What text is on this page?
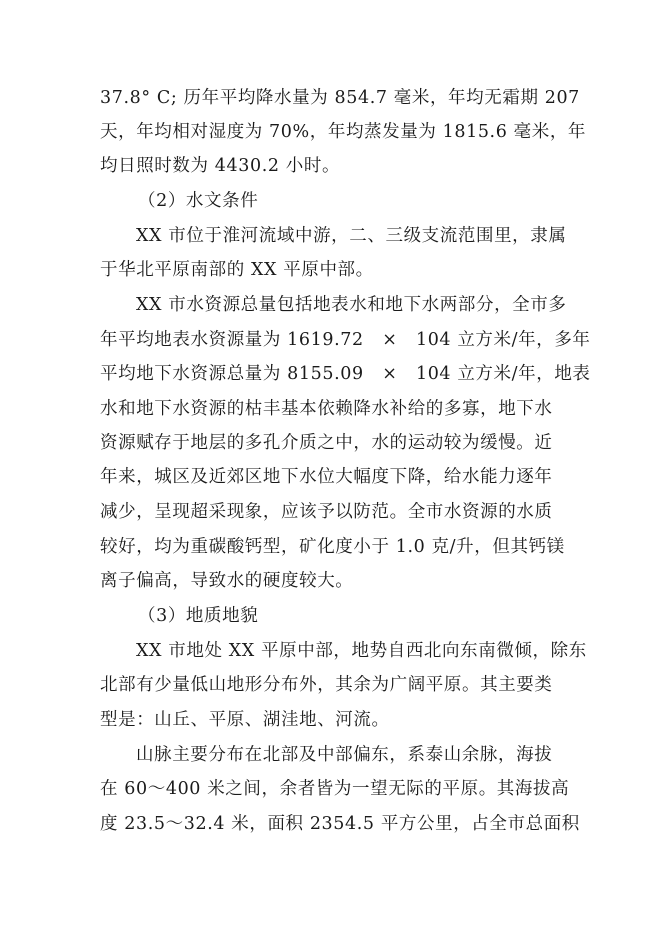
37.8° C; 历年平均降水量为 854.7 毫米，年均无霜期 207
天，年均相对湿度为 70%，年均蒸发量为 1815.6 毫米，年
均日照时数为 4430.2 小时。
（2）水文条件
XX 市位于淮河流域中游，二、三级支流范围里，隶属
于华北平原南部的 XX 平原中部。
XX 市水资源总量包括地表水和地下水两部分，全市多
年平均地表水资源量为 1619.72   ×   104 立方米/年，多年
平均地下水资源总量为 8155.09   ×   104 立方米/年，地表
水和地下水资源的枯丰基本依赖降水补给的多寡，地下水
资源赋存于地层的多孔介质之中，水的运动较为缓慢。近
年来，城区及近郊区地下水位大幅度下降，给水能力逐年
减少，呈现超采现象，应该予以防范。全市水资源的水质
较好，均为重碳酸钙型，矿化度小于 1.0 克/升，但其钙镁
离子偏高，导致水的硬度较大。
（3）地质地貌
XX 市地处 XX 平原中部，地势自西北向东南微倾，除东
北部有少量低山地形分布外，其余为广阔平原。其主要类
型是：山丘、平原、湖洼地、河流。
山脉主要分布在北部及中部偏东，系泰山余脉，海拔
在 60～400 米之间，余者皆为一望无际的平原。其海拔高
度 23.5～32.4 米，面积 2354.5 平方公里，占全市总面积
